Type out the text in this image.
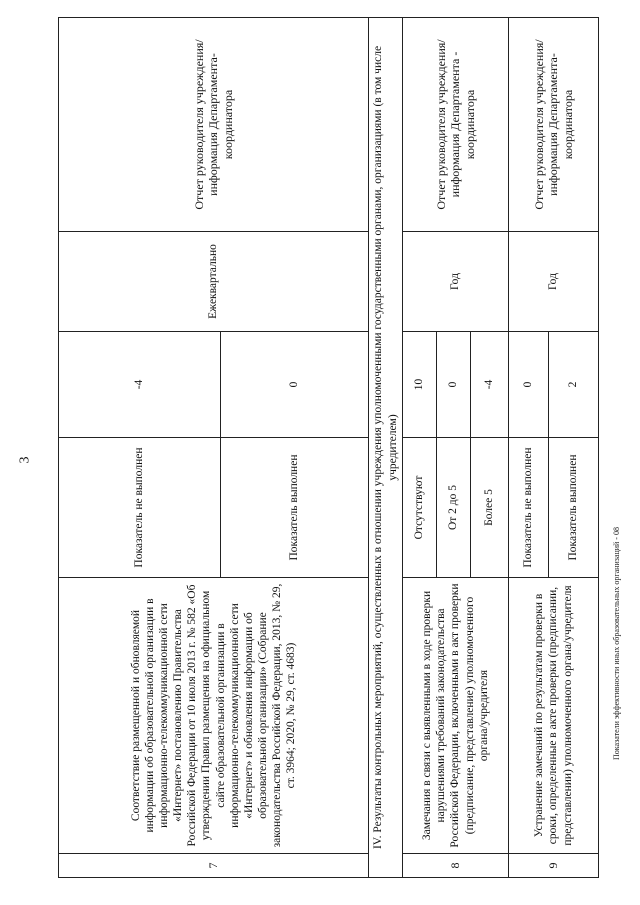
3
7	Соответствие размещенной и обновляемой информации об образовательной организации в информационно-телекоммуникационной сети «Интернет» постановлению Правительства Российской Федерации от 10 июля 2013 г. № 582 «Об утверждении Правил размещения на официальном сайте образовательной организации в информационно-телекоммуникационной сети «Интернет» и обновления информации об образовательной организации» (Собрание законодательства Российской Федерации, 2013, № 29, ст. 3964; 2020, № 29, ст. 4683)	Показатель не выполнен	-4	Ежеквартально	Отчет руководителя учреждения/информация Департамента-координатора
		Показатель выполнен	0		
IV. Результаты контрольных мероприятий, осуществленных в отношении учреждения уполномоченными государственными органами, организациями (в том числе учредителем)					
8	Замечания в связи с выявленными в ходе проверки нарушениями требований законодательства Российской Федерации, включенными в акт проверки (предписание, представление) уполномоченного органа/учредителя	Отсутствуют	10	Год	Отчет руководителя учреждения/информация Департамента - координатора
		От 2 до 5	0		
		Более 5	-4		
9	Устранение замечаний по результатам проверки в сроки, определенные в акте проверки (предписании, представлении) уполномоченного органа/учредителя	Показатель не выполнен	0	Год	Отчет руководителя учреждения/информация Департамента-координатора
		Показатель выполнен	2		
Показатели эффективности иных образовательных организаций - 08
